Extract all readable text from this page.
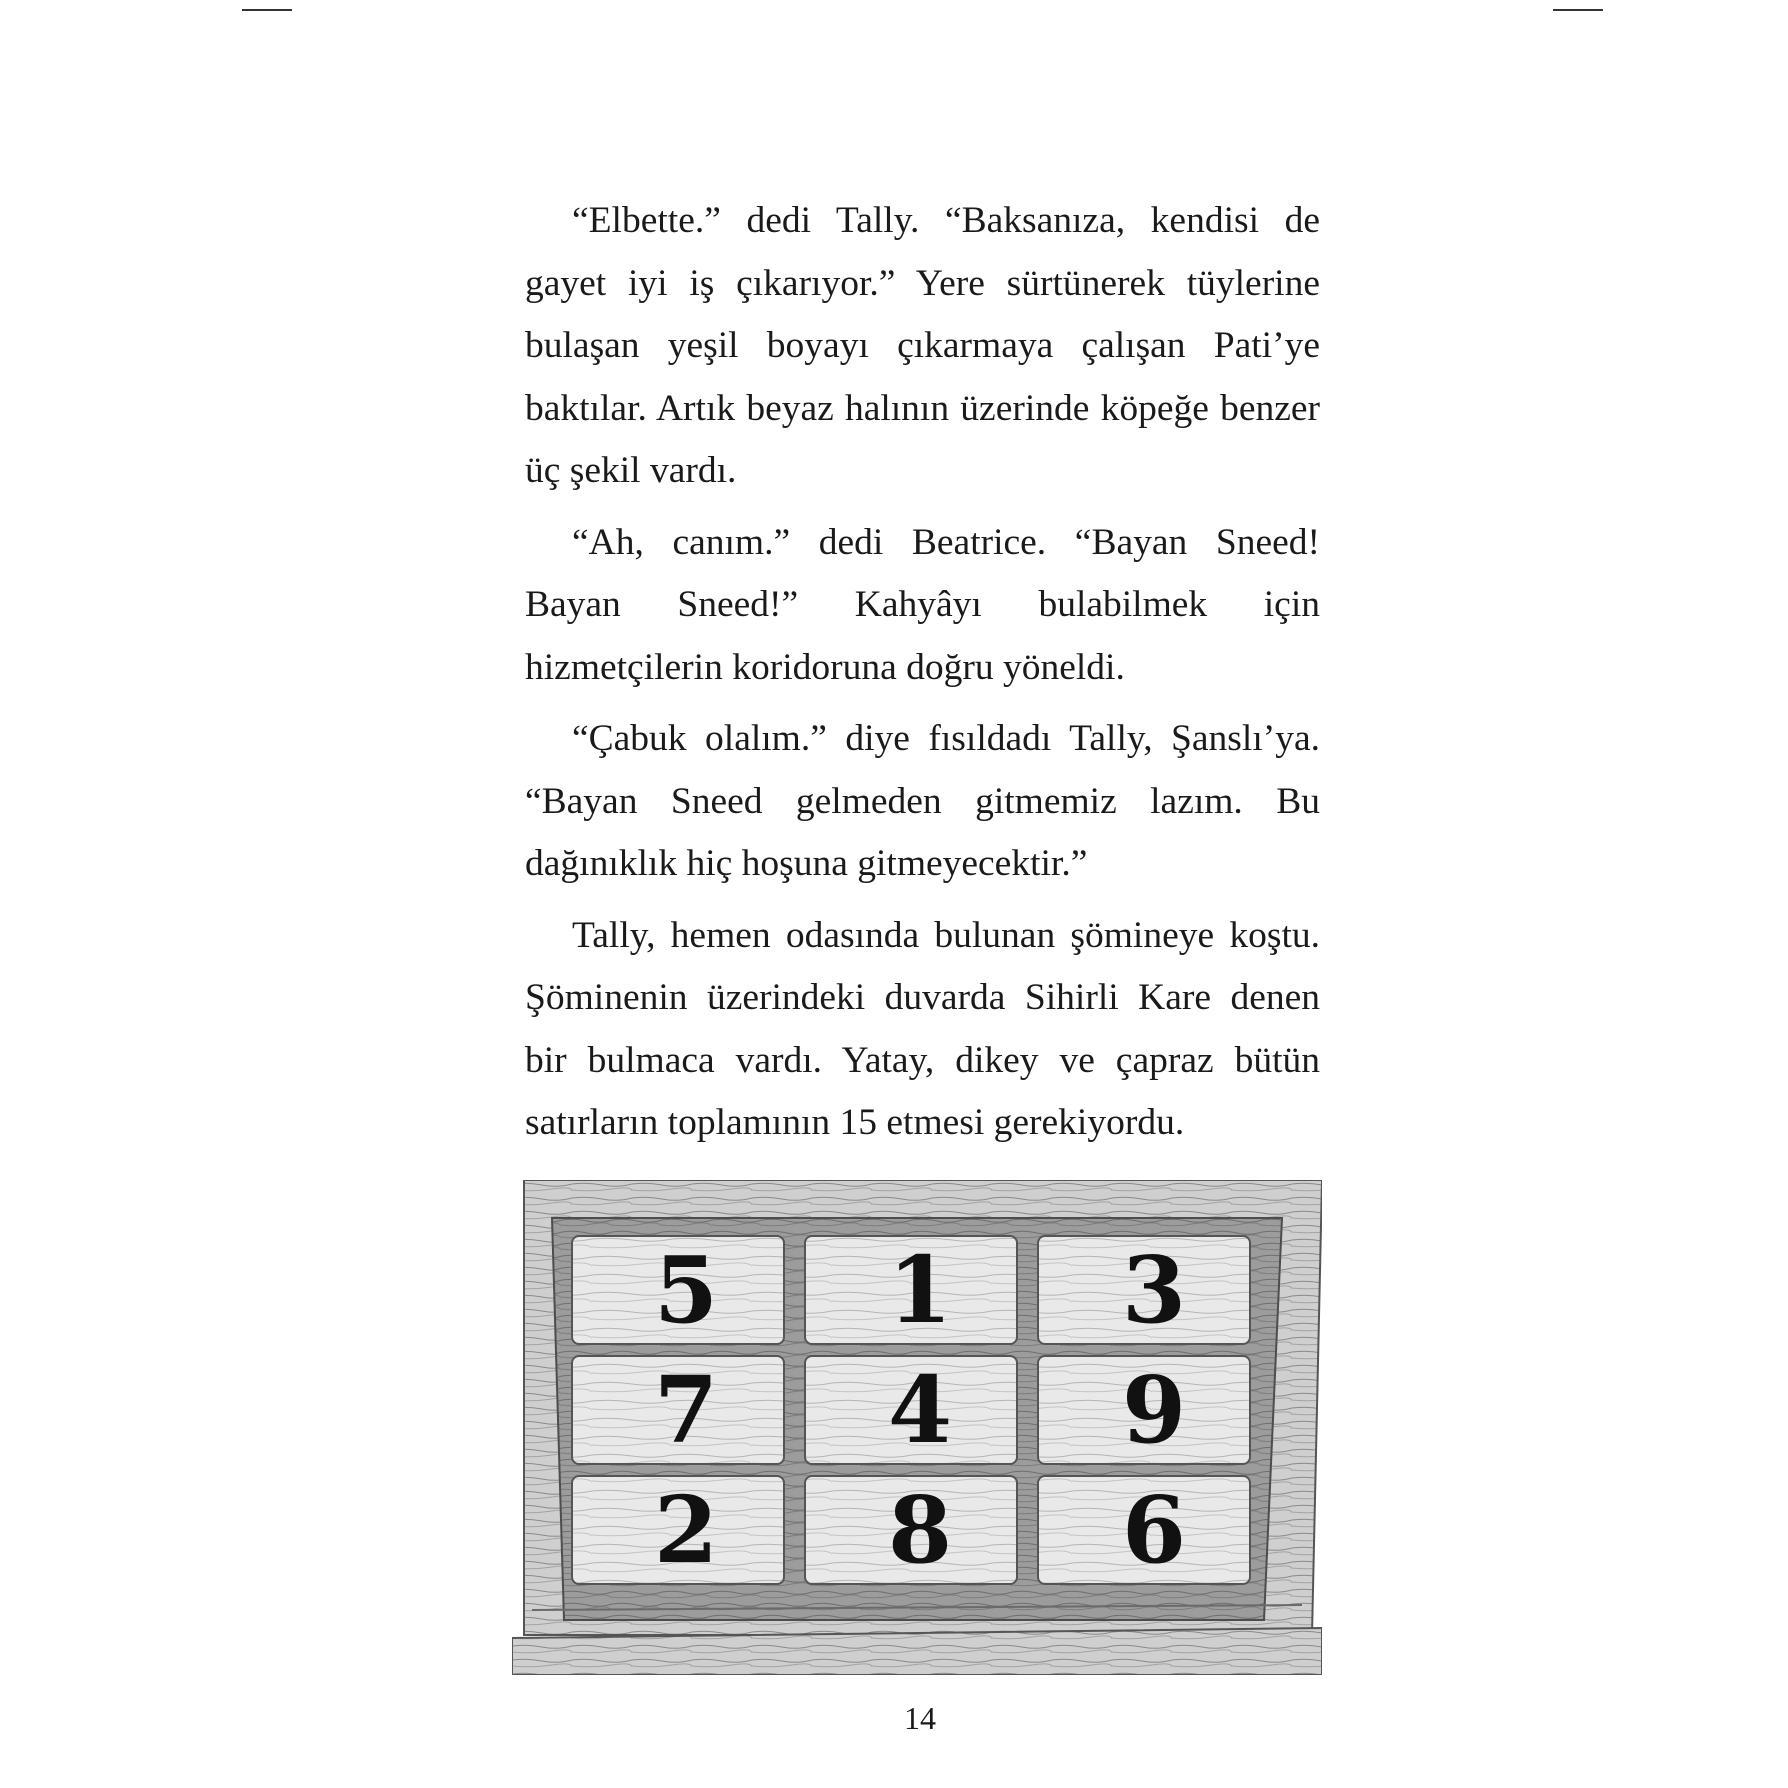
“Elbette.” dedi Tally. “Baksanıza, kendisi de gayet iyi iş çıkarıyor.” Yere sürtünerek tüylerine bulaşan yeşil boyayı çıkarmaya çalışan Pati’ye baktılar. Artık beyaz halının üzerinde köpeğe benzer üç şekil vardı.

“Ah, canım.” dedi Beatrice. “Bayan Sneed! Bayan Sneed!” Kahyâyı bulabilmek için hizmetçilerin koridoruna doğru yöneldi.

“Çabuk olalım.” diye fısıldadı Tally, Şanslı’ya. “Bayan Sneed gelmeden gitmemiz lazım. Bu dağınıklık hiç hoşuna gitmeyecektir.”

Tally, hemen odasında bulunan şömineye koştu. Şöminenin üzerindeki duvarda Sihirli Kare denen bir bulmaca vardı. Yatay, dikey ve çapraz bütün satırların toplamının 15 etmesi gerekiyordu.

5 1 3
7 4 9
2 8 6
14
